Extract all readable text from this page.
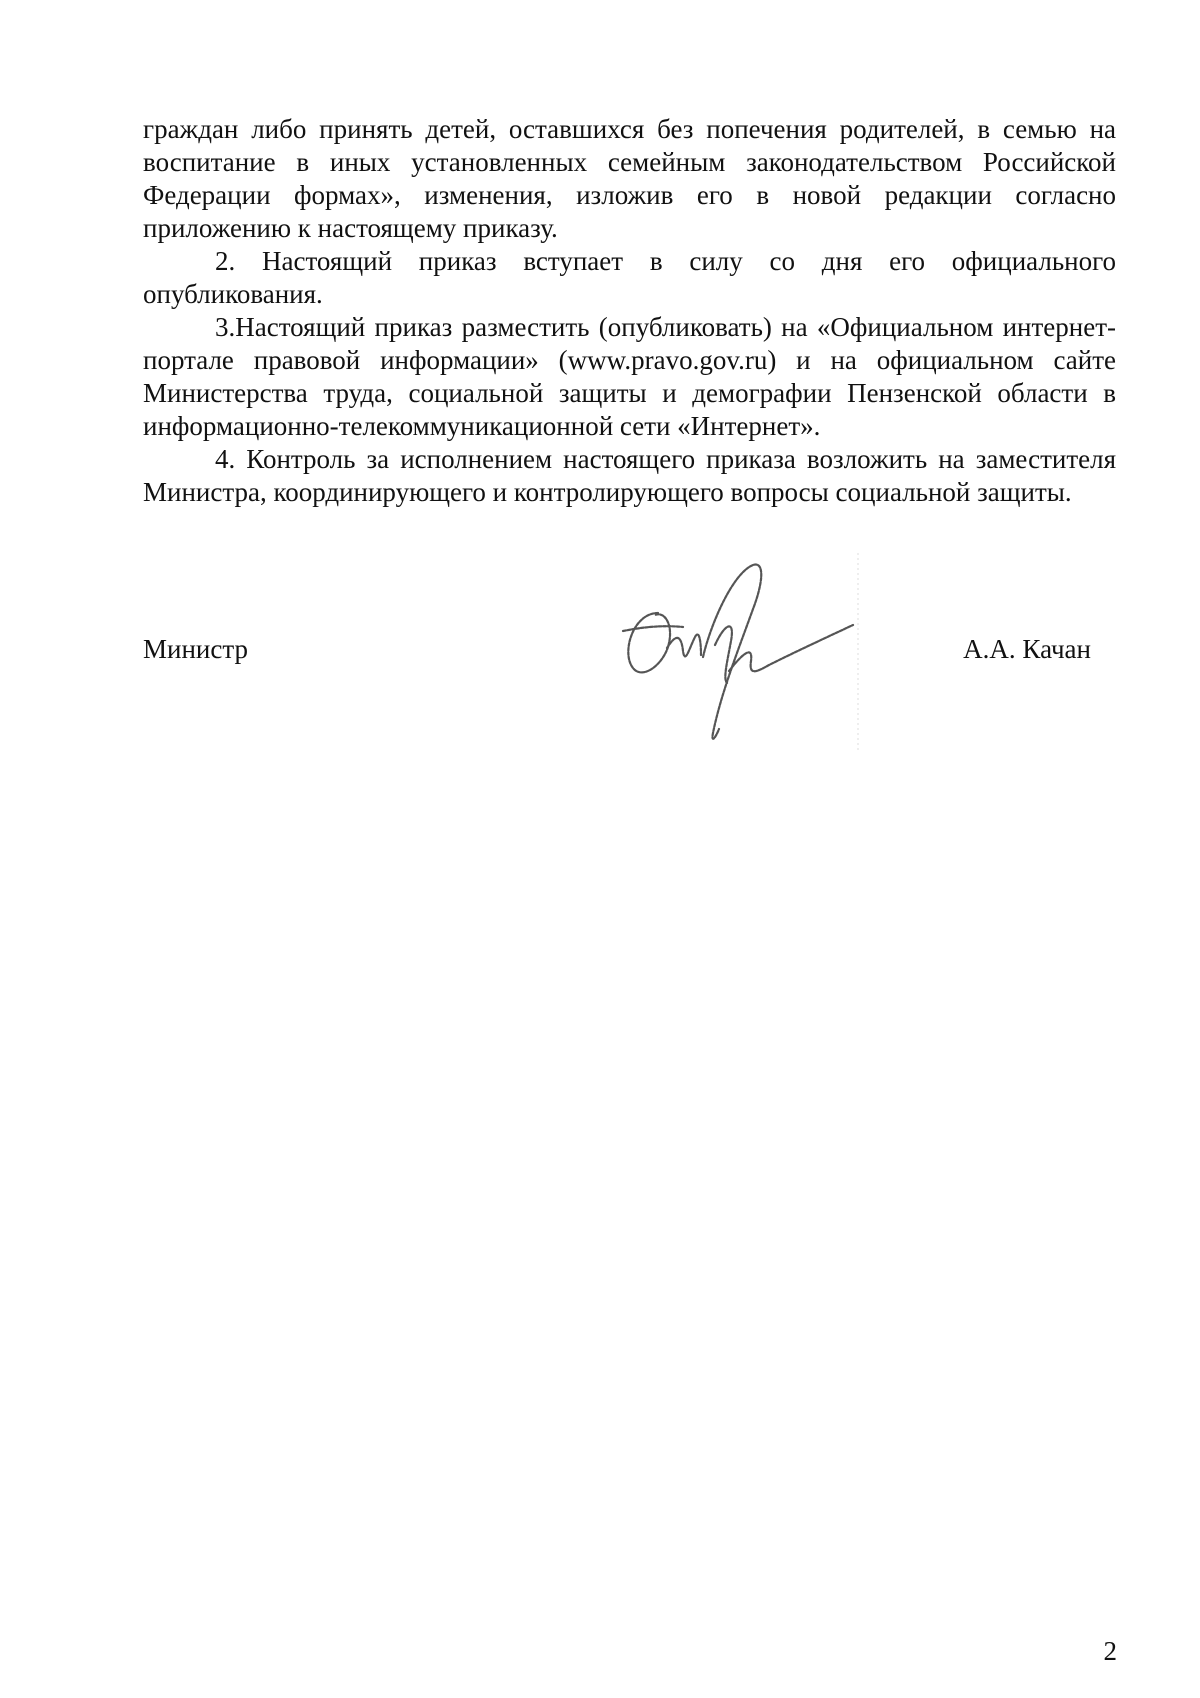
граждан либо принять детей, оставшихся без попечения родителей, в семью на воспитание в иных установленных семейным законодательством Российской Федерации формах», изменения, изложив его в новой редакции согласно приложению к настоящему приказу.

2. Настоящий приказ вступает в силу со дня его официального опубликования.

3.Настоящий приказ разместить (опубликовать) на «Официальном интернет-портале правовой информации» (www.pravo.gov.ru) и на официальном сайте Министерства труда, социальной защиты и демографии Пензенской области в информационно-телекоммуникационной сети «Интернет».

4. Контроль за исполнением настоящего приказа возложить на заместителя Министра, координирующего и контролирующего вопросы социальной защиты.

Министр	А.А. Качан
2
